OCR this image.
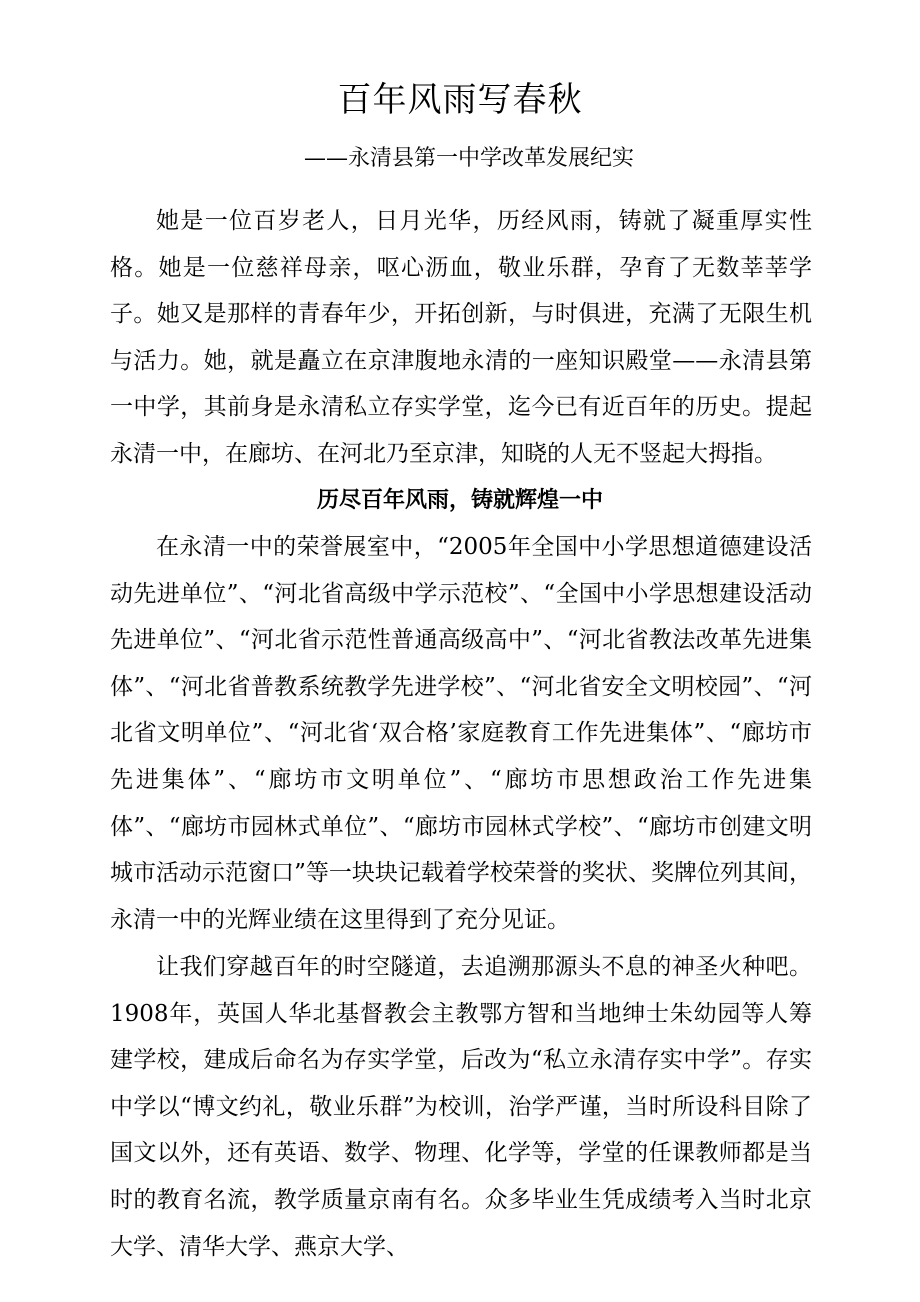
百年风雨写春秋
——永清县第一中学改革发展纪实

她是一位百岁老人，日月光华，历经风雨，铸就了凝重厚实性格。她是一位慈祥母亲，呕心沥血，敬业乐群，孕育了无数莘莘学子。她又是那样的青春年少，开拓创新，与时俱进，充满了无限生机与活力。她，就是矗立在京津腹地永清的一座知识殿堂——永清县第一中学，其前身是永清私立存实学堂，迄今已有近百年的历史。提起永清一中，在廊坊、在河北乃至京津，知晓的人无不竖起大拇指。

历尽百年风雨，铸就辉煌一中

在永清一中的荣誉展室中，“2005年全国中小学思想道德建设活动先进单位”、“河北省高级中学示范校”、“全国中小学思想建设活动先进单位”、“河北省示范性普通高级高中”、“河北省教法改革先进集体”、“河北省普教系统教学先进学校”、“河北省安全文明校园”、“河北省文明单位”、“河北省‘双合格’家庭教育工作先进集体”、“廊坊市先进集体”、“廊坊市文明单位”、“廊坊市思想政治工作先进集体”、“廊坊市园林式单位”、“廊坊市园林式学校”、“廊坊市创建文明城市活动示范窗口”等一块块记载着学校荣誉的奖状、奖牌位列其间，永清一中的光辉业绩在这里得到了充分见证。

让我们穿越百年的时空隧道，去追溯那源头不息的神圣火种吧。1908年，英国人华北基督教会主教鄂方智和当地绅士朱幼园等人筹建学校，建成后命名为存实学堂，后改为“私立永清存实中学”。存实中学以“博文约礼，敬业乐群”为校训，治学严谨，当时所设科目除了国文以外，还有英语、数学、物理、化学等，学堂的任课教师都是当时的教育名流，教学质量京南有名。众多毕业生凭成绩考入当时北京大学、清华大学、燕京大学、
